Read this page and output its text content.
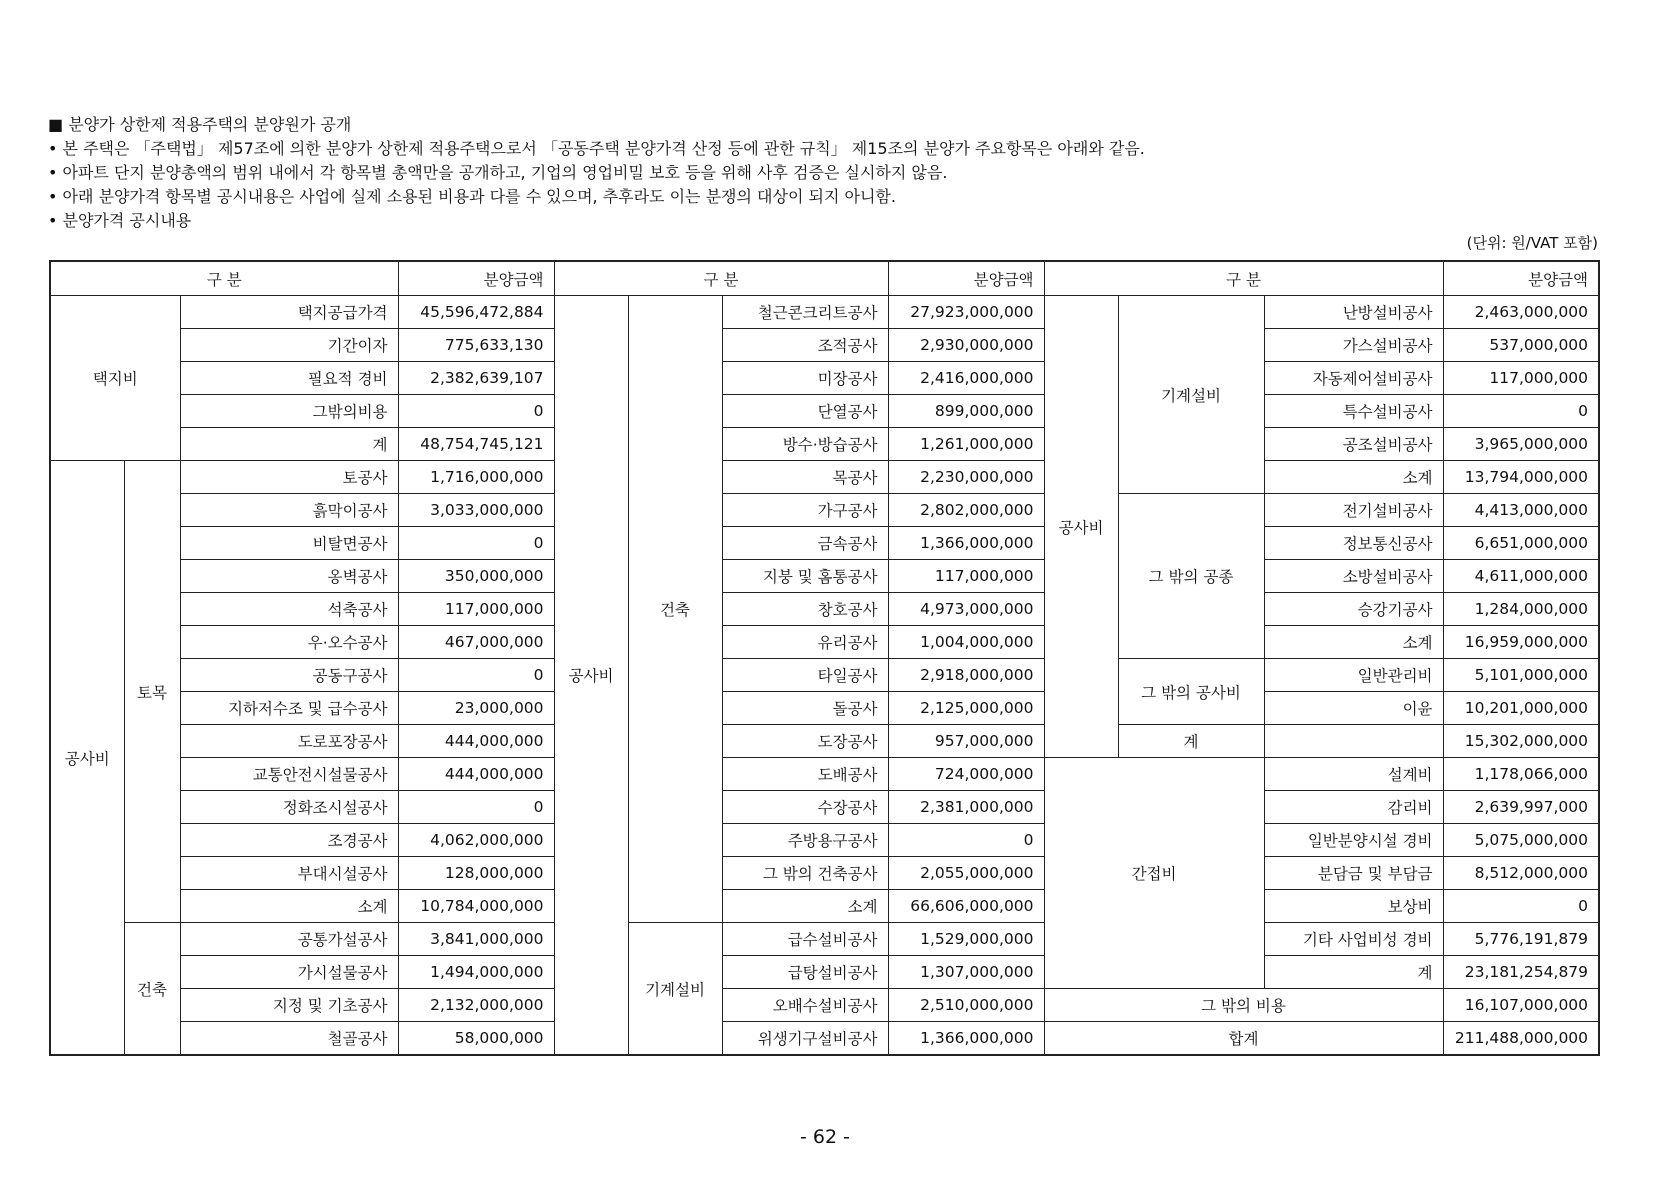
■ 분양가 상한제 적용주택의 분양원가 공개
• 본 주택은 「주택법」 제57조에 의한 분양가 상한제 적용주택으로서 「공동주택 분양가격 산정 등에 관한 규칙」 제15조의 분양가 주요항목은 아래와 같음.
• 아파트 단지 분양총액의 범위 내에서 각 항목별 총액만을 공개하고, 기업의 영업비밀 보호 등을 위해 사후 검증은 실시하지 않음.
• 아래 분양가격 항목별 공시내용은 사업에 실제 소용된 비용과 다를 수 있으며, 추후라도 이는 분쟁의 대상이 되지 아니함.
• 분양가격 공시내용
(단위: 원/VAT 포함)
구 분			분양금액	구 분			분양금액	구 분			분양금액
택지비		택지공급가격	45,596,472,884	공사비	건축	철근콘크리트공사	27,923,000,000	공사비	기계설비	난방설비공사	2,463,000,000
		기간이자	775,633,130			조적공사	2,930,000,000			가스설비공사	537,000,000
		필요적 경비	2,382,639,107			미장공사	2,416,000,000			자동제어설비공사	117,000,000
		그밖의비용	0			단열공사	899,000,000			특수설비공사	0
		계	48,754,745,121			방수·방습공사	1,261,000,000			공조설비공사	3,965,000,000
공사비	토목	토공사	1,716,000,000			목공사	2,230,000,000			소계	13,794,000,000
		흙막이공사	3,033,000,000			가구공사	2,802,000,000		그 밖의 공종	전기설비공사	4,413,000,000
		비탈면공사	0			금속공사	1,366,000,000			정보통신공사	6,651,000,000
		옹벽공사	350,000,000			지붕 및 홈통공사	117,000,000			소방설비공사	4,611,000,000
		석축공사	117,000,000			창호공사	4,973,000,000			승강기공사	1,284,000,000
		우·오수공사	467,000,000			유리공사	1,004,000,000			소계	16,959,000,000
		공동구공사	0			타일공사	2,918,000,000		그 밖의 공사비	일반관리비	5,101,000,000
		지하저수조 및 급수공사	23,000,000			돌공사	2,125,000,000			이윤	10,201,000,000
		도로포장공사	444,000,000			도장공사	957,000,000		계		15,302,000,000
		교통안전시설물공사	444,000,000			도배공사	724,000,000	간접비		설계비	1,178,066,000
		정화조시설공사	0			수장공사	2,381,000,000			감리비	2,639,997,000
		조경공사	4,062,000,000			주방용구공사	0			일반분양시설 경비	5,075,000,000
		부대시설공사	128,000,000			그 밖의 건축공사	2,055,000,000			분담금 및 부담금	8,512,000,000
		소계	10,784,000,000			소계	66,606,000,000			보상비	0
	건축	공통가설공사	3,841,000,000		기계설비	급수설비공사	1,529,000,000			기타 사업비성 경비	5,776,191,879
		가시설물공사	1,494,000,000			급탕설비공사	1,307,000,000			계	23,181,254,879
		지정 및 기초공사	2,132,000,000			오배수설비공사	2,510,000,000	그 밖의 비용			16,107,000,000
		철골공사	58,000,000			위생기구설비공사	1,366,000,000	합계			211,488,000,000
- 62 -
